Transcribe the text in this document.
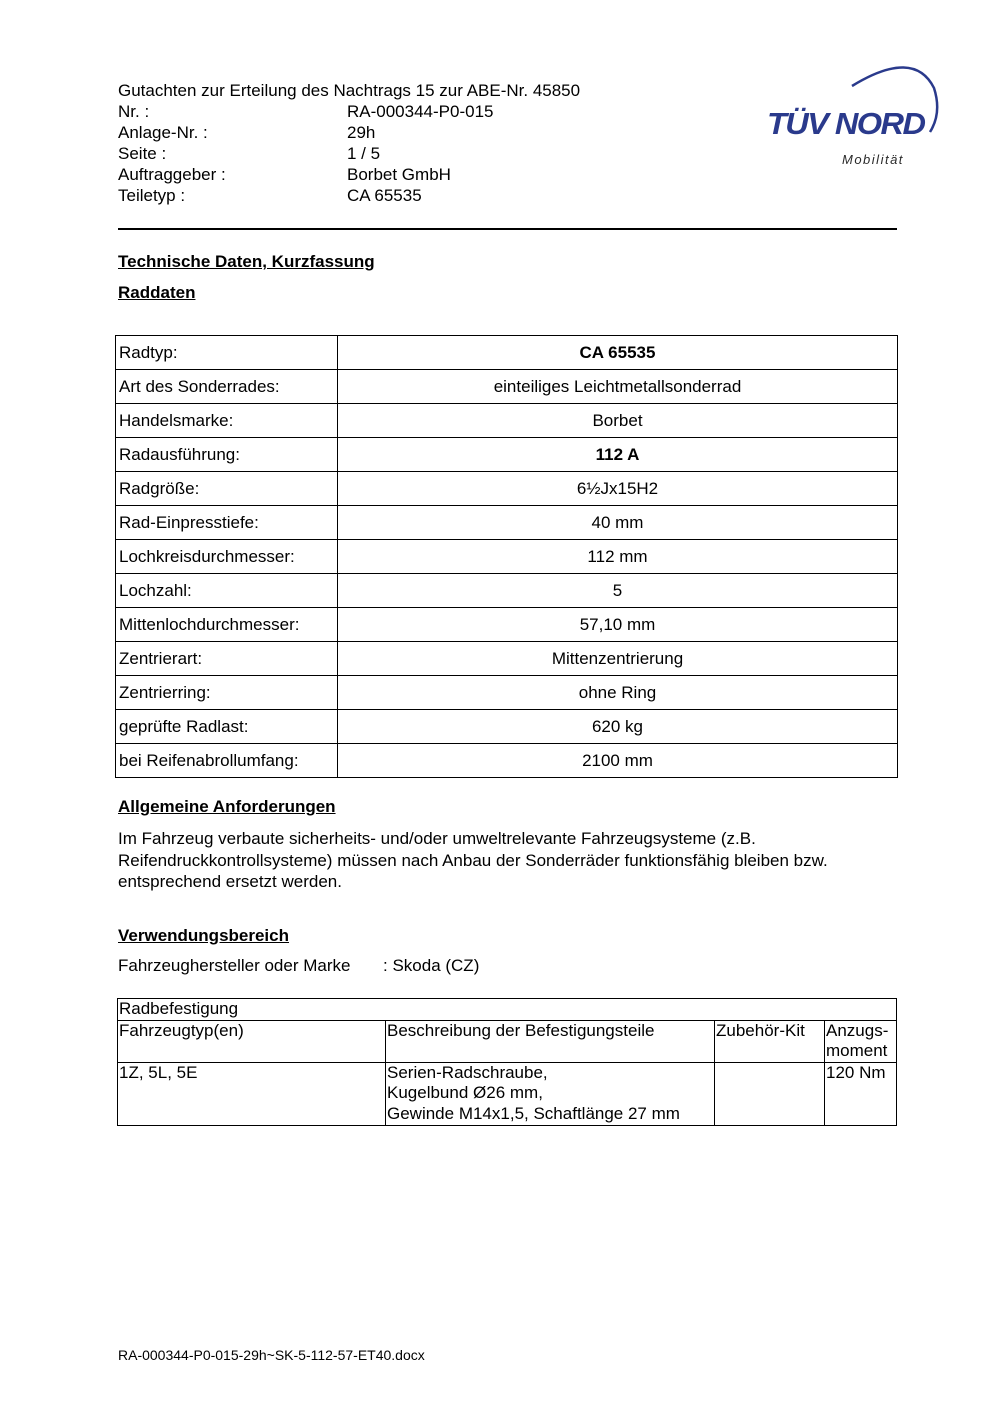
Gutachten zur Erteilung des Nachtrags 15 zur ABE-Nr. 45850
Nr. :	RA-000344-P0-015
Anlage-Nr. :	29h
Seite :	1 / 5
Auftraggeber :	Borbet GmbH
Teiletyp :	CA 65535
TÜV NORD
Mobilität
Technische Daten, Kurzfassung
Raddaten
Radtyp:	CA 65535
Art des Sonderrades:	einteiliges Leichtmetallsonderrad
Handelsmarke:	Borbet
Radausführung:	112 A
Radgröße:	6½Jx15H2
Rad-Einpresstiefe:	40 mm
Lochkreisdurchmesser:	112 mm
Lochzahl:	5
Mittenlochdurchmesser:	57,10 mm
Zentrierart:	Mittenzentrierung
Zentrierring:	ohne Ring
geprüfte Radlast:	620 kg
bei Reifenabrollumfang:	2100 mm
Allgemeine Anforderungen
Im Fahrzeug verbaute sicherheits- und/oder umweltrelevante Fahrzeugsysteme (z.B. Reifendruckkontrollsysteme) müssen nach Anbau der Sonderräder funktionsfähig bleiben bzw. entsprechend ersetzt werden.
Verwendungsbereich
Fahrzeughersteller oder Marke : Skoda (CZ)
Radbefestigung			
Fahrzeugtyp(en)	Beschreibung der Befestigungsteile	Zubehör-Kit	Anzugs-
moment

1Z, 5L, 5E	Serien-Radschraube,
Kugelbund Ø26 mm,
Gewinde M14x1,5, Schaftlänge 27 mm		120 Nm
RA-000344-P0-015-29h~SK-5-112-57-ET40.docx
